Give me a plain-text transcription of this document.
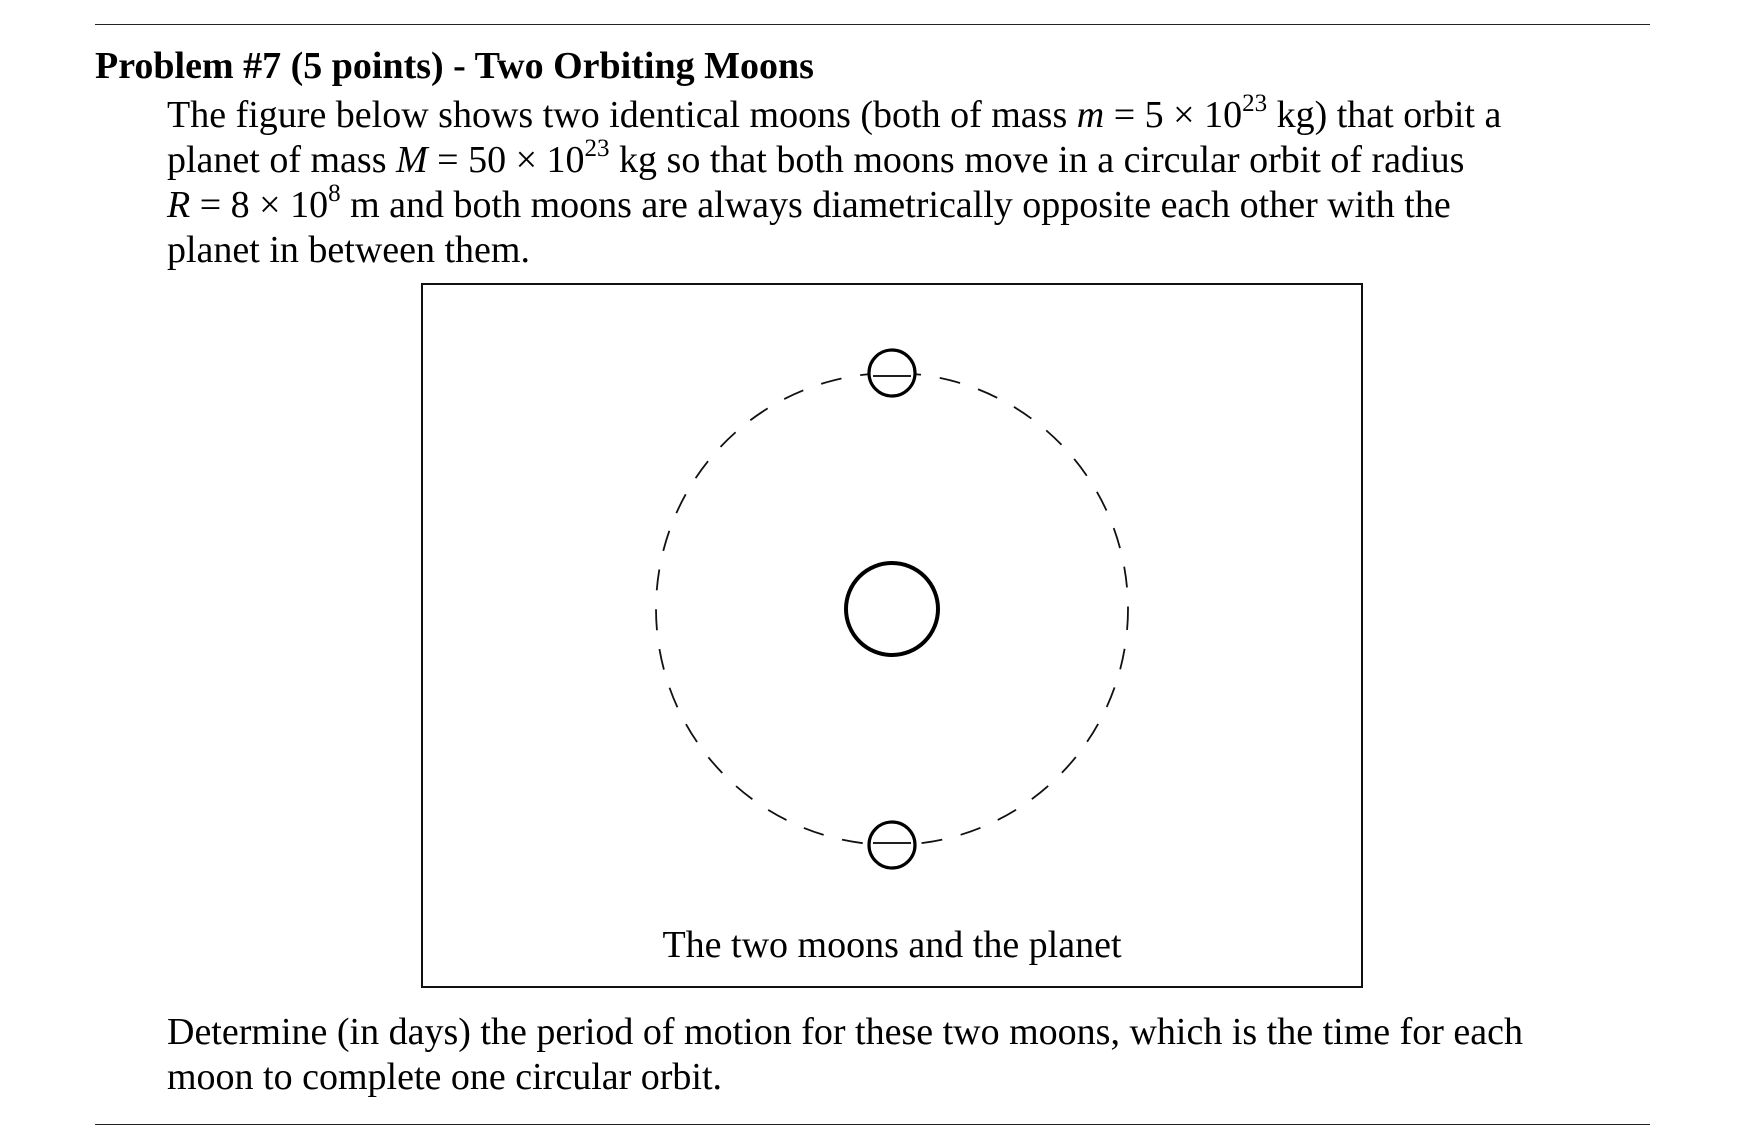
Problem #7 (5 points) - Two Orbiting Moons
The figure below shows two identical moons (both of mass $m = 5 \times 10^{23}$ kg) that orbit a
planet of mass $M = 50 \times 10^{23}$ kg so that both moons move in a circular orbit of radius
$R = 8 \times 10^8$ m and both moons are always diametrically opposite each other with the
planet in between them.
The two moons and the planet
Determine (in days) the period of motion for these two moons, which is the time for each
moon to complete one circular orbit.
